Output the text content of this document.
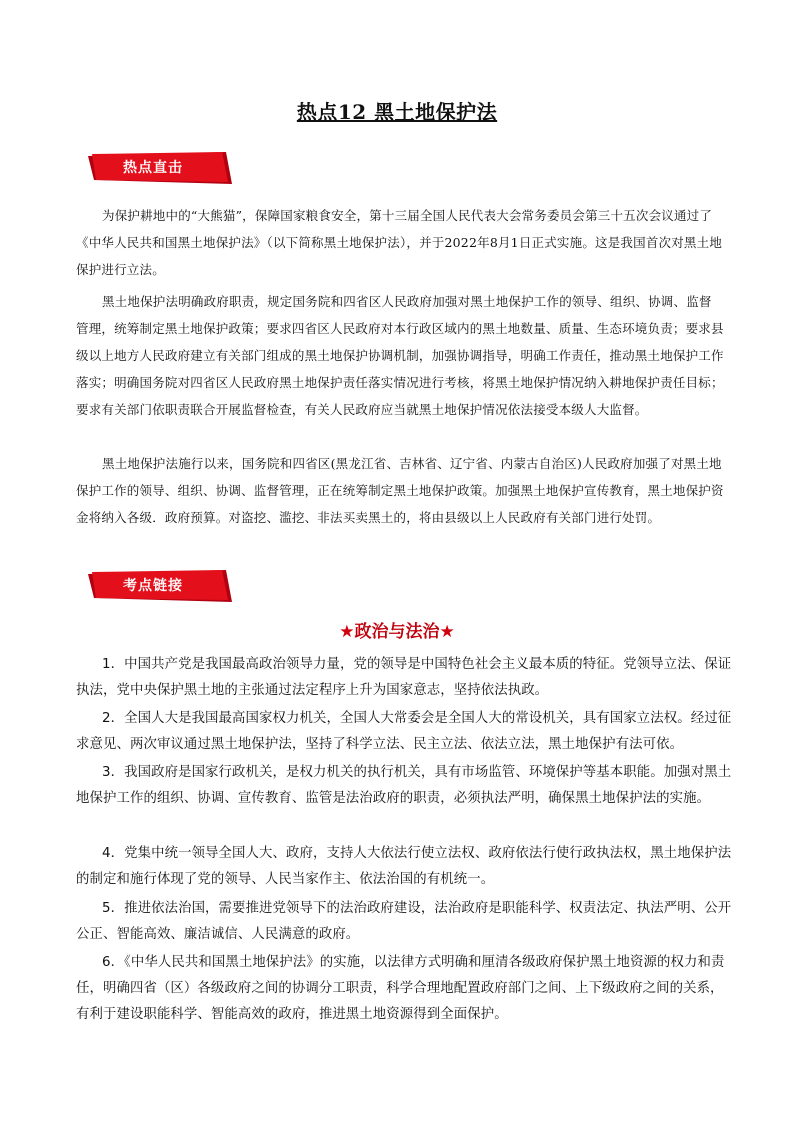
热点12 黑土地保护法
热点直击

为保护耕地中的“大熊猫”，保障国家粮食安全，第十三届全国人民代表大会常务委员会第三十五次会议通过了《中华人民共和国黑土地保护法》（以下简称黑土地保护法），并于2022年8月1日正式实施。这是我国首次对黑土地保护进行立法。

黑土地保护法明确政府职责，规定国务院和四省区人民政府加强对黑土地保护工作的领导、组织、协调、监督管理，统筹制定黑土地保护政策；要求四省区人民政府对本行政区域内的黑土地数量、质量、生态环境负责；要求县级以上地方人民政府建立有关部门组成的黑土地保护协调机制，加强协调指导，明确工作责任，推动黑土地保护工作落实；明确国务院对四省区人民政府黑土地保护责任落实情况进行考核，将黑土地保护情况纳入耕地保护责任目标；要求有关部门依职责联合开展监督检查，有关人民政府应当就黑土地保护情况依法接受本级人大监督。

黑土地保护法施行以来，国务院和四省区(黑龙江省、吉林省、辽宁省、内蒙古自治区)人民政府加强了对黑土地保护工作的领导、组织、协调、监督管理，正在统筹制定黑土地保护政策。加强黑土地保护宣传教育，黑土地保护资金将纳入各级．政府预算。对盗挖、滥挖、非法买卖黑土的，将由县级以上人民政府有关部门进行处罚。

考点链接
★政治与法治★

1．中国共产党是我国最高政治领导力量，党的领导是中国特色社会主义最本质的特征。党领导立法、保证执法，党中央保护黑土地的主张通过法定程序上升为国家意志，坚持依法执政。

2．全国人大是我国最高国家权力机关，全国人大常委会是全国人大的常设机关，具有国家立法权。经过征求意见、两次审议通过黑土地保护法，坚持了科学立法、民主立法、依法立法，黑土地保护有法可依。

3．我国政府是国家行政机关，是权力机关的执行机关，具有市场监管、环境保护等基本职能。加强对黑土地保护工作的组织、协调、宣传教育、监管是法治政府的职责，必须执法严明，确保黑土地保护法的实施。

4．党集中统一领导全国人大、政府，支持人大依法行使立法权、政府依法行使行政执法权，黑土地保护法的制定和施行体现了党的领导、人民当家作主、依法治国的有机统一。

5．推进依法治国，需要推进党领导下的法治政府建设，法治政府是职能科学、权责法定、执法严明、公开公正、智能高效、廉洁诚信、人民满意的政府。

6．《中华人民共和国黑土地保护法》的实施，以法律方式明确和厘清各级政府保护黑土地资源的权力和责任，明确四省（区）各级政府之间的协调分工职责，科学合理地配置政府部门之间、上下级政府之间的关系，有利于建设职能科学、智能高效的政府，推进黑土地资源得到全面保护。
